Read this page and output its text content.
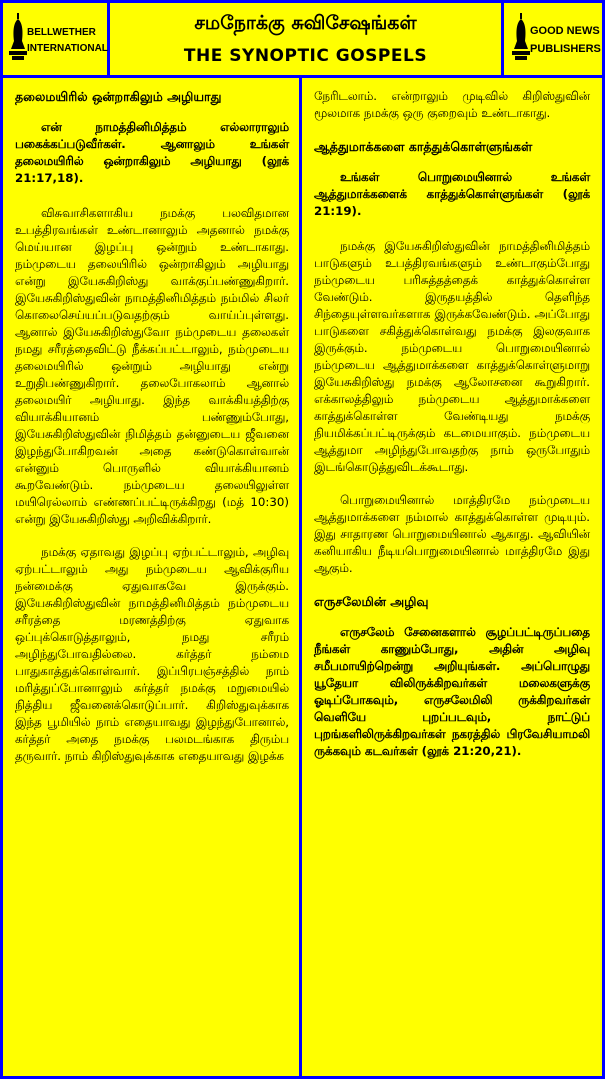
BELLWETHER
INTERNATIONAL
சமநோக்கு சுவிசேஷங்கள்
THE SYNOPTIC GOSPELS
GOOD NEWS
PUBLISHERS
தலைமயிரில் ஒன்றாகிலும் அழியாது
என் நாமத்தினிமித்தம் எல்லாராலும் பகைக்கப்படுவீர்கள். ஆனாலும் உங்கள் தலைமயிரில் ஒன்றாகிலும் அழியாது (லூக் 21:17,18).
விசுவாசிகளாகிய நமக்கு பலவிதமான உபத்திரவங்கள் உண்டானாலும் அதனால் நமக்கு மெய்யான இழப்பு ஒன்றும் உண்டாகாது. நம்முடைய தலையிரில் ஒன்றாகிலும் அழியாது என்று இயேசுகிறிஸ்து வாக்குப்பண்ணுகிறார். இயேசுகிறிஸ்துவின் நாமத்தினிமித்தம் நம்மில் சிலர் கொலைசெய்யப்படுவதற்கும் வாய்ப்புள்ளது. ஆனால் இயேசுகிறிஸ்துவோ நம்முடைய தலைகள் நமது சரீரத்தைவிட்டு நீக்கப்பட்டாலும், நம்முடைய தலைமயிரில் ஒன்றும் அழியாது என்று உறுதிபண்ணுகிறார். தலைபோகலாம் ஆனால் தலைமயிர் அழியாது. இந்த வாக்கியத்திற்கு வியாக்கியானம் பண்ணும்போது, இயேசுகிறிஸ்துவின் நிமித்தம் தன்னுடைய ஜீவனை இழந்துபோகிறவன் அதை கண்டுகொள்வான் என்னும் பொருளில் வியாக்கியானம் கூறவேண்டும். நம்முடைய தலையிலுள்ள மயிரெல்லாம் எண்ணப்பட்டிருக்கிறது (மத் 10:30) என்று இயேசுகிறிஸ்து அறிவிக்கிறார்.
நமக்கு ஏதாவது இழப்பு ஏற்பட்டாலும், அழிவு ஏற்பட்டாலும் அது நம்முடைய ஆவிக்குரிய நன்மைக்கு ஏதுவாகவே இருக்கும். இயேசுகிறிஸ்துவின் நாமத்தினிமித்தம் நம்முடைய சரீரத்தை மரணத்திற்கு ஏதுவாக ஒப்புக்கொடுத்தாலும், நமது சரீரம் அழிந்துபோவதில்லை. கர்த்தர் நம்மை பாதுகாத்துக்கொள்வார். இப்பிரபஞ்சத்தில் நாம் மரித்துப்போனாலும் கர்த்தர் நமக்கு மறுமையில் நித்திய ஜீவனைக்கொடுப்பார். கிறிஸ்துவுக்காக இந்த பூமியில் நாம் எதையாவது இழந்துபோனால், கர்த்தர் அதை நமக்கு பலமடங்காக திரும்ப தருவார். நாம் கிறிஸ்துவுக்காக எதையாவது இழக்க
நேரிடலாம். என்றாலும் முடிவில் கிறிஸ்துவின் மூலமாக நமக்கு ஒரு குறைவும் உண்டாகாது.
ஆத்துமாக்களை காத்துக்கொள்ளுங்கள்
உங்கள் பொறுமையினால் உங்கள் ஆத்துமாக்களைக் காத்துக்கொள்ளுங்கள் (லூக் 21:19).
நமக்கு இயேசுகிறிஸ்துவின் நாமத்தினிமித்தம் பாடுகளும் உபத்திரவங்களும் உண்டாகும்போது நம்முடைய பரிசுத்தத்தைக் காத்துக்கொள்ள வேண்டும். இருதயத்தில் தெளிந்த சிந்தையுள்ளவர்களாக இருக்கவேண்டும். அப்போது பாடுகளை சகித்துக்கொள்வது நமக்கு இலகுவாக இருக்கும். நம்முடைய பொறுமையினால் நம்முடைய ஆத்துமாக்களை காத்துக்கொள்ளுமாறு இயேசுகிறிஸ்து நமக்கு ஆலோசனை கூறுகிறார். எக்காலத்திலும் நம்முடைய ஆத்துமாக்களை காத்துக்கொள்ள வேண்டியது நமக்கு நியமிக்கப்பட்டிருக்கும் கடமையாகும். நம்முடைய ஆத்துமா அழிந்துபோவதற்கு நாம் ஒருபோதும் இடங்கொடுத்துவிடக்கூடாது.
பொறுமையினால் மாத்திரமே நம்முடைய ஆத்துமாக்களை நம்மால் காத்துக்கொள்ள முடியும். இது சாதாரண பொறுமையினால் ஆகாது. ஆவியின் கனியாகிய நீடியபொறுமையினால் மாத்திரமே இது ஆகும்.
எருசலேமின் அழிவு
எருசலேம் சேனைகளால் சூழப்பட்டிருப்பதை நீங்கள் காணும்போது, அதின் அழிவு சமீபமாயிற்றென்று அறியுங்கள். அப்பொழுது யூதேயா விலிருக்கிறவர்கள் மலைகளுக்கு ஓடிப்போகவும், எருசலேமிலி ருக்கிறவர்கள் வெளியே புறப்படவும், நாட்டுப் புறங்களிலிருக்கிறவர்கள் நகரத்தில் பிரவேசியாமலி ருக்கவும் கடவர்கள் (லூக் 21:20,21).
